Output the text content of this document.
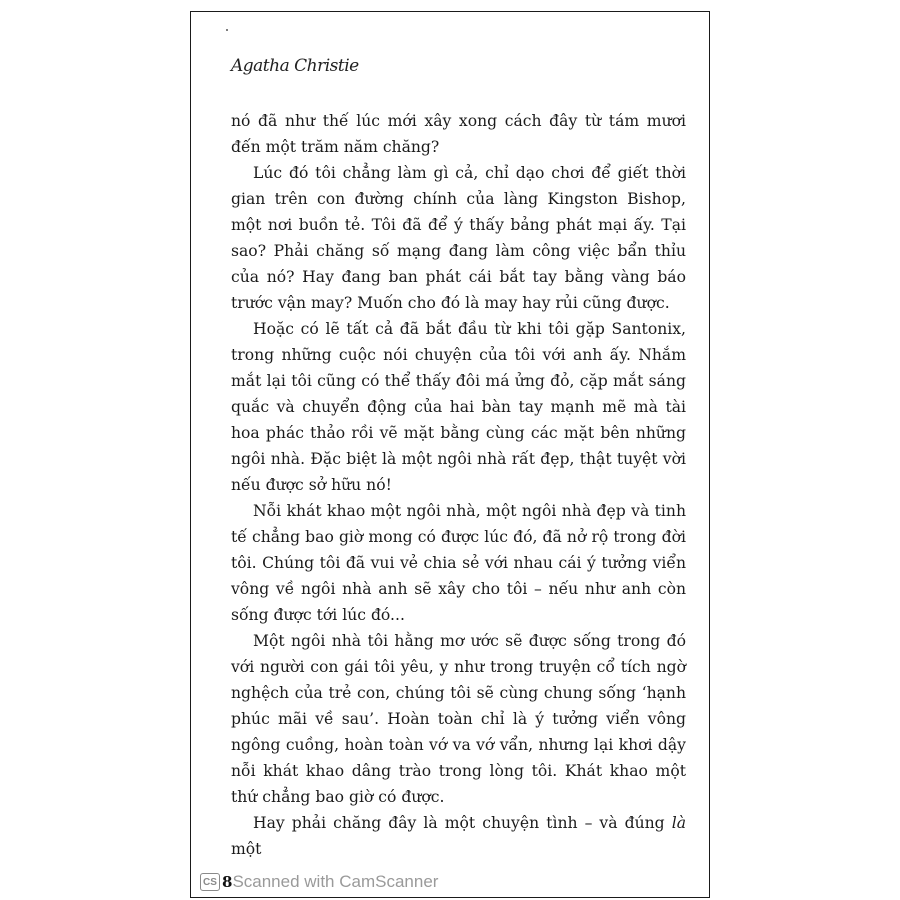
Agatha Christie

nó đã như thế lúc mới xây xong cách đây từ tám mươi đến một trăm năm chăng?

Lúc đó tôi chẳng làm gì cả, chỉ dạo chơi để giết thời gian trên con đường chính của làng Kingston Bishop, một nơi buồn tẻ. Tôi đã để ý thấy bảng phát mại ấy. Tại sao? Phải chăng số mạng đang làm công việc bẩn thỉu của nó? Hay đang ban phát cái bắt tay bằng vàng báo trước vận may? Muốn cho đó là may hay rủi cũng được.

Hoặc có lẽ tất cả đã bắt đầu từ khi tôi gặp Santonix, trong những cuộc nói chuyện của tôi với anh ấy. Nhắm mắt lại tôi cũng có thể thấy đôi má ửng đỏ, cặp mắt sáng quắc và chuyển động của hai bàn tay mạnh mẽ mà tài hoa phác thảo rồi vẽ mặt bằng cùng các mặt bên những ngôi nhà. Đặc biệt là một ngôi nhà rất đẹp, thật tuyệt vời nếu được sở hữu nó!

Nỗi khát khao một ngôi nhà, một ngôi nhà đẹp và tinh tế chẳng bao giờ mong có được lúc đó, đã nở rộ trong đời tôi. Chúng tôi đã vui vẻ chia sẻ với nhau cái ý tưởng viển vông về ngôi nhà anh sẽ xây cho tôi – nếu như anh còn sống được tới lúc đó...

Một ngôi nhà tôi hằng mơ ước sẽ được sống trong đó với người con gái tôi yêu, y như trong truyện cổ tích ngờ nghệch của trẻ con, chúng tôi sẽ cùng chung sống ‘hạnh phúc mãi về sau’. Hoàn toàn chỉ là ý tưởng viển vông ngông cuồng, hoàn toàn vớ va vớ vẩn, nhưng lại khơi dậy nỗi khát khao dâng trào trong lòng tôi. Khát khao một thứ chẳng bao giờ có được.

Hay phải chăng đây là một chuyện tình – và đúng là một

CS 8 Scanned with CamScanner
